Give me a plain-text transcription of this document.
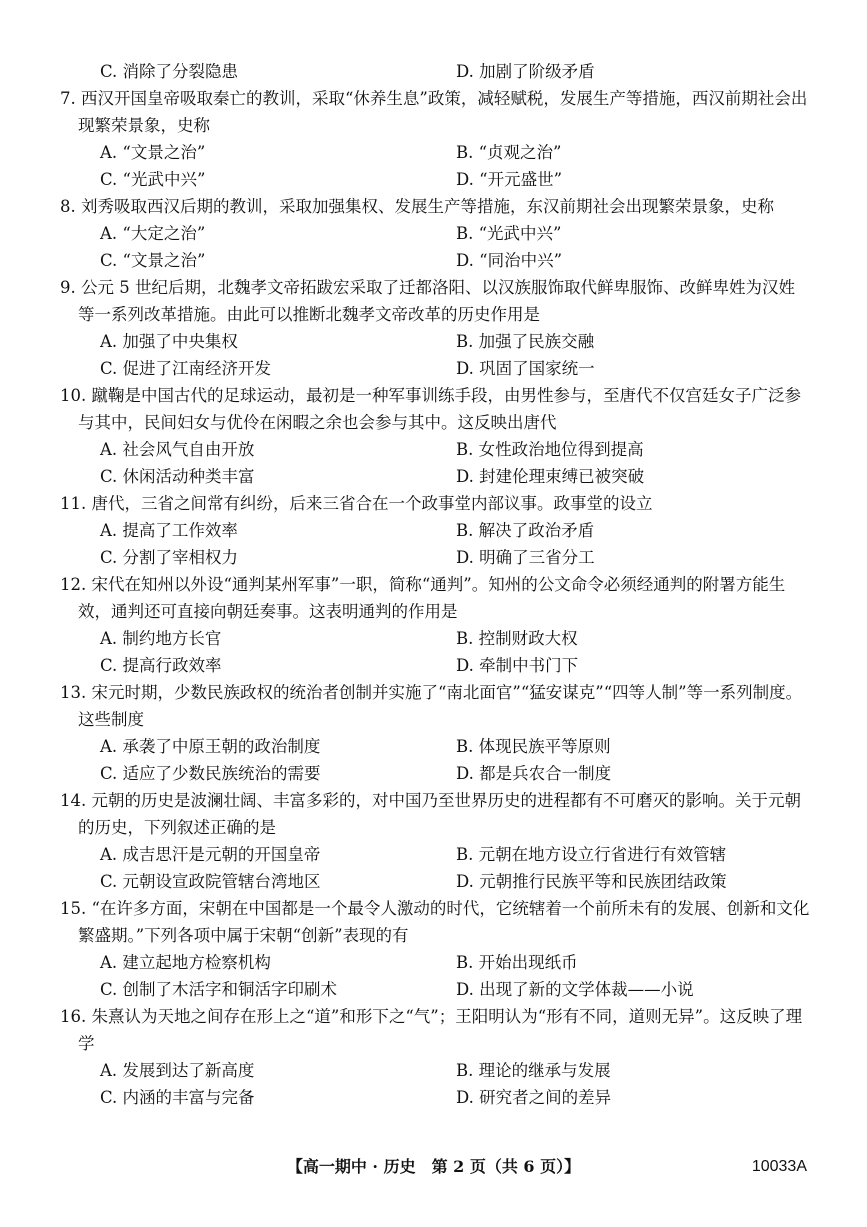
C. 消除了分裂隐患	D. 加剧了阶级矛盾
7. 西汉开国皇帝吸取秦亡的教训，采取“休养生息”政策，减轻赋税，发展生产等措施，西汉前期社会出现繁荣景象，史称
A. “文景之治”	B. “贞观之治”
C. “光武中兴”	D. “开元盛世”
8. 刘秀吸取西汉后期的教训，采取加强集权、发展生产等措施，东汉前期社会出现繁荣景象，史称
A. “大定之治”	B. “光武中兴”
C. “文景之治”	D. “同治中兴”
9. 公元 5 世纪后期，北魏孝文帝拓跋宏采取了迁都洛阳、以汉族服饰取代鲜卑服饰、改鲜卑姓为汉姓等一系列改革措施。由此可以推断北魏孝文帝改革的历史作用是
A. 加强了中央集权	B. 加强了民族交融
C. 促进了江南经济开发	D. 巩固了国家统一
10. 蹴鞠是中国古代的足球运动，最初是一种军事训练手段，由男性参与，至唐代不仅宫廷女子广泛参与其中，民间妇女与优伶在闲暇之余也会参与其中。这反映出唐代
A. 社会风气自由开放	B. 女性政治地位得到提高
C. 休闲活动种类丰富	D. 封建伦理束缚已被突破
11. 唐代，三省之间常有纠纷，后来三省合在一个政事堂内部议事。政事堂的设立
A. 提高了工作效率	B. 解决了政治矛盾
C. 分割了宰相权力	D. 明确了三省分工
12. 宋代在知州以外设“通判某州军事”一职，简称“通判”。知州的公文命令必须经通判的附署方能生效，通判还可直接向朝廷奏事。这表明通判的作用是
A. 制约地方长官	B. 控制财政大权
C. 提高行政效率	D. 牵制中书门下
13. 宋元时期，少数民族政权的统治者创制并实施了“南北面官”“猛安谋克”“四等人制”等一系列制度。这些制度
A. 承袭了中原王朝的政治制度	B. 体现民族平等原则
C. 适应了少数民族统治的需要	D. 都是兵农合一制度
14. 元朝的历史是波澜壮阔、丰富多彩的，对中国乃至世界历史的进程都有不可磨灭的影响。关于元朝的历史，下列叙述正确的是
A. 成吉思汗是元朝的开国皇帝	B. 元朝在地方设立行省进行有效管辖
C. 元朝设宣政院管辖台湾地区	D. 元朝推行民族平等和民族团结政策
15. “在许多方面，宋朝在中国都是一个最令人激动的时代，它统辖着一个前所未有的发展、创新和文化繁盛期。”下列各项中属于宋朝“创新”表现的有
A. 建立起地方检察机构	B. 开始出现纸币
C. 创制了木活字和铜活字印刷术	D. 出现了新的文学体裁——小说
16. 朱熹认为天地之间存在形上之“道”和形下之“气”；王阳明认为“形有不同，道则无异”。这反映了理学
A. 发展到达了新高度	B. 理论的继承与发展
C. 内涵的丰富与完备	D. 研究者之间的差异
【高一期中 · 历史　第 2 页（共 6 页）】	10033A
